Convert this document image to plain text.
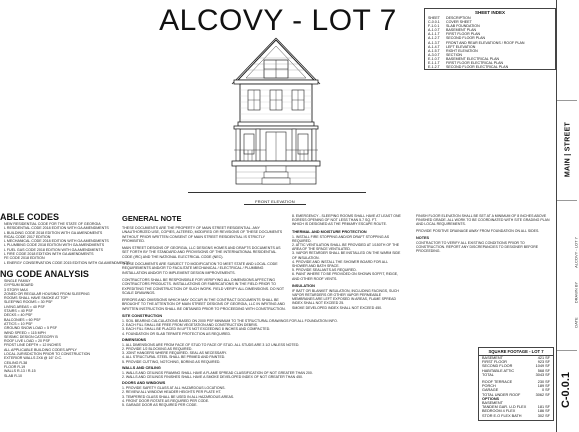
ALCOVY - LOT 7	SHEET INDEX
SHEET	DESCRIPTION
C-0.0.1	COVER SHEET
F-1.0.1	SLAB FOUNDATION
A-1.0.T	BASEMENT PLAN
A-1.1.T	FIRST FLOOR PLAN
A-1.2.T	SECOND FLOOR PLAN
A-1.3.T	FRONT AND REAR ELEVATIONS / ROOF PLAN
A-1.4.T	LEFT ELEVATION
A-1.5.T	RIGHT ELEVATION
A-3.0.T	SECTION
E-1.0.T	BASEMENT ELECTRICAL PLAN
E-1.1.T	FIRST FLOOR ELECTRICAL PLAN
E-1.2.T	SECOND FLOOR ELECTRICAL PLAN
FRONT ELEVATION
ABLE CODES
NEW RESIDENTIAL CODE FOR THE STATE OF GEORGIA
L RESIDENTIAL CODE 2018 EDITION WITH GA AMENDMENTS
L BUILDING CODE 2018 EDITION WITH GA AMENDMENTS
RICAL CODE 2017 EDITION
L MECHANICAL CODE 2018 EDITION WITH GA AMENDMENTS
L PLUMBING CODE 2018 EDITION WITH GA AMENDMENTS
L FUEL GAS CODE 2018 EDITION WITH GA AMENDMENTS
L FIRE CODE 2018 EDITION WITH GA AMENDMENTS
FE CODE 2018 EDITION
L ENERGY CONSERVATION CODE 2015 EDITION WITH GA AMENDMENTS
NG CODE ANALYSIS
SINGLE FAMILY
GYPSUM BOARD
3 STORY MAX
ZONED OR REGULAR HOUSING FROM SLEEPING
ROOMS SHALL HAVE SMOKE AT TOP
SLEEPING ROOMS = 30 PSF
LIVING AREAS = 40 PSF
STAIRS = 40 PSF
DECKS = 40 PSF
BALCONIES = 60 PSF
ATTICS = 10 PSF
GROUND SNOW LOAD = 5 PSF
WIND SPEED = 115 MPH
SEISMIC DESIGN CATEGORY B
ROOF LIVE LOAD = 20 PSF
FROST LINE DEPTH = 12 INCHES
ALL APPLICABLE BUILDING CODES APPLY
LOCAL JURISDICTION PRIOR TO CONSTRUCTION
EXTERIOR WALLS 2X6 @ 16" O.C.
CEILING R-38
FLOOR R-19
WALLS R-13 / R-15
SLAB R-10
GENERAL NOTE

THESE DOCUMENTS ARE THE PROPERTY OF MAIN STREET RESIDENTIAL. ANY UNAUTHORIZED USE, COPIES, ALTERED, MODIFIED OR REVISIONS OF THESE DOCUMENTS WITHOUT PRIOR WRITTEN CONSENT OF MAIN STREET RESIDENTIAL IS STRICTLY PROHIBITED.

MAIN STREET DESIGNS OF GEORGIA, LLC DESIGNS HOMES AND DRAFTS DOCUMENTS AS SET FORTH BY THE STANDARD AND PROVISIONS OF THE INTERNATIONAL RESIDENTIAL CODE (IRC) AND THE NATIONAL ELECTRICAL CODE (NEC).

THESE DOCUMENTS ARE SUBJECT TO MODIFICATION TO MEET STATE AND LOCAL CODE REQUIREMENTS AND/OR TO FACILITATE MECHANICAL / ELECTRICAL / PLUMBING INSTALLATION AND/OR TO IMPLEMENT DESIGN IMPROVEMENTS.

CONTRACTORS SHALL BE RESPONSIBLE FOR VERIFYING ALL DIMENSIONS AFFECTING CONTRACTORS PRODUCTS. INSTALLATIONS OR FABRICATIONS IN THE FIELD PRIOR TO EXPEDITING THE CONSTRUCTION OF SUCH WORK. FIELD VERIFY ALL DIMENSIONS. DO NOT SCALE DRAWINGS.

ERRORS AND OMISSIONS WHICH MAY OCCUR IN THE CONTRACT DOCUMENTS SHALL BE BROUGHT TO THE ATTENTION OF MAIN STREET DESIGNS OF GEORGIA, LLC IN WRITING AND WRITTEN INSTRUCTION SHALL BE OBTAINED PRIOR TO PROCEEDING WITH CONSTRUCTION.

SITE CONSTRUCTION
1. SOIL BEARING CALCULATIONS BASED ON 2000 PSF MINIMUM TO THE STRUCTURAL DRAWINGS FOR ALL FOUNDATION INFO.
2. EACH FILL SHALL BE FREE FROM VEGETATION AND CONSTRUCTION DEBRIS.
3. EACH FILL SHALL BE PLACED IN LIFTS NOT EXCEEDING 8 INCHES AND COMPACTED.
4. FOUNDATION OR SLAB TERMITE PROTECTION AS REQUIRED.
DIMENSIONS
1. ALL DIMENSIONS ARE FROM FACE OF STUD TO FACE OF STUD. ALL STUDS ARE 3 1/2 UNLESS NOTED.
2. PROVIDE 1/2 BLOCKING AS REQUIRED.
3. JOINT HANGERS WHERE REQUIRED. SEAL AS NECESSARY.
4. ALL STRUCTURAL STEEL SHALL BE PRIMED AND PAINTED.
5. PROVIDE CUTTING, NOTCHING, BORING AS REQUIRED.
WALLS AND CEILING
1. WALLS AND CEILINGS FRAMING SHALL HAVE A FLAME SPREAD CLASSIFICATION OF NOT GREATER THAN 200.
2. WALLS AND CEILINGS FINISHES SHALL HAVE A SMOKE DEVELOPED INDEX OF NOT GREATER THAN 450.
DOORS AND WINDOWS
1. PROVIDE SAFETY GLASS AT ALL HAZARDOUS LOCATIONS.
2. REVIEW ALL WINDOW HEADER HEIGHTS PER PLATE HT.
3. TEMPERED GLASS SHALL BE USED IN ALL HAZARDOUS AREAS.
4. FRONT DOOR ROTATE AS REQUIRED PER CODE.
5. GARAGE DOOR AS REQUIRED PER CODE.
8. EMERGENCY - SLEEPING ROOMS SHALL HAVE AT LEAST ONE EGRESS OPENING OF NOT LESS THAN 5.7 SQ. FT.
WHICH IS DESIGNED AS THE PRIMARY ESCAPE ROUTE.
THERMAL AND MOISTURE PROTECTION
1. INSTALL FIRE STOPPING AND/OR DRAFT STOPPING AS REQUIRED.
2. ATTIC VENTILATION SHALL BE PROVIDED AT 1/150TH OF THE AREA OF THE SPACE VENTILATED.
3. VAPOR RETARDER SHALL BE INSTALLED ON THE WARM SIDE OF INSULATION.
4. PROVIDE AND INSTALL THE SHOWER BOARD FOR ALL SHOWER AND BATH SPACE.
5. PROVIDE SEALANTS AS REQUIRED.
6. PAINT WHERE TO BE PROVIDED ON SHOWN SOFFIT, RIDGE, AND OTHER ROOF VENTS.
INSULATION
IF BATT OR BLANKET INSULATION, INCLUDING FACINGS, SUCH VAPOR RETARDERS OR OTHER VAPOR PERMEABLE MEMBRANES ARE LEFT EXPOSED IN AREAS, FLAME SPREAD INDEX SHALL NOT EXCEED 25.
SMOKE DEVELOPED INDEX SHALL NOT EXCEED 450.

FINISH FLOOR ELEVATION SHALL BE SET AT A MINIMUM OF 8 INCHES ABOVE FINISHED GRADE. ALL WORK TO BE COORDINATED WITH SITE GRADING PLAN AND LOCAL REQUIREMENTS.

PROVIDE POSITIVE DRAINAGE AWAY FROM FOUNDATION ON ALL SIDES.

NOTES

CONTRACTOR TO VERIFY ALL EXISTING CONDITIONS PRIOR TO CONSTRUCTION. REPORT ANY DISCREPANCIES TO DESIGNER BEFORE PROCEEDING.

SQUARE FOOTAGE - LOT 7
BASEMENT	421 SF
FIRST FLOOR	923 SF
SECOND FLOOR	1049 SF
HABITABLE ATTIC	568 SF
TOTAL	3043 SF
ROOF TERRACE	230 SF
PORCH	189 SF
GARAGE	0 SF
TOTAL UNDER ROOF	3062 SF
OPTIONS
BASEMENT
TANDEM GAR. U.D FLEX	181 SF
BEDROOM 4 FLEX	186 SF
STOR E.O FLEX BATH	302 SF
MAIN | STREET
ALCOVY - LOT 7
DRAWN BY
DATE
C-0.0.1
